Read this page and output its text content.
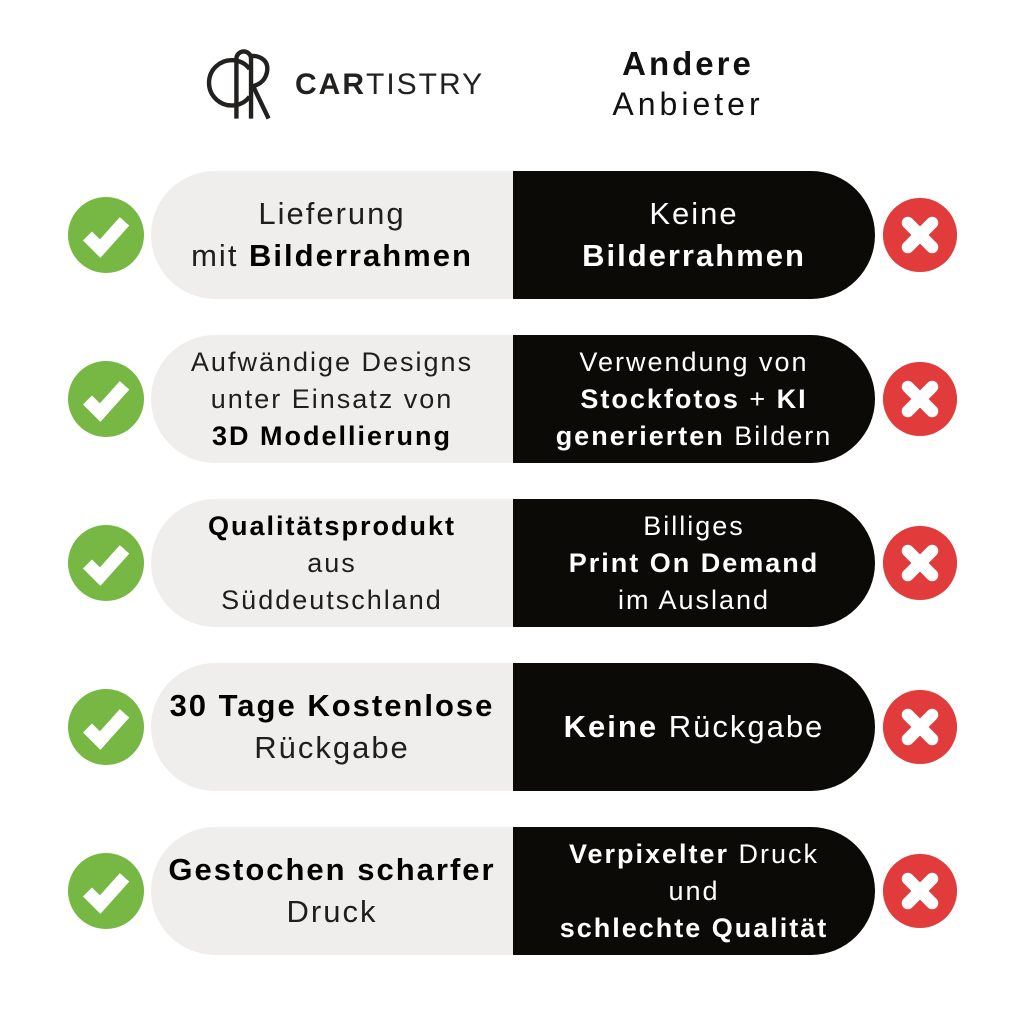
CARTISTRY
Andere
Anbieter
Lieferung
mit Bilderrahmen
Keine
Bilderrahmen
Aufwändige Designs
unter Einsatz von
3D Modellierung
Verwendung von
Stockfotos + KI
generierten Bildern
Qualitätsprodukt
aus
Süddeutschland
Billiges
Print On Demand
im Ausland
30 Tage Kostenlose
Rückgabe
Keine Rückgabe
Gestochen scharfer
Druck
Verpixelter Druck
und
schlechte Qualität
